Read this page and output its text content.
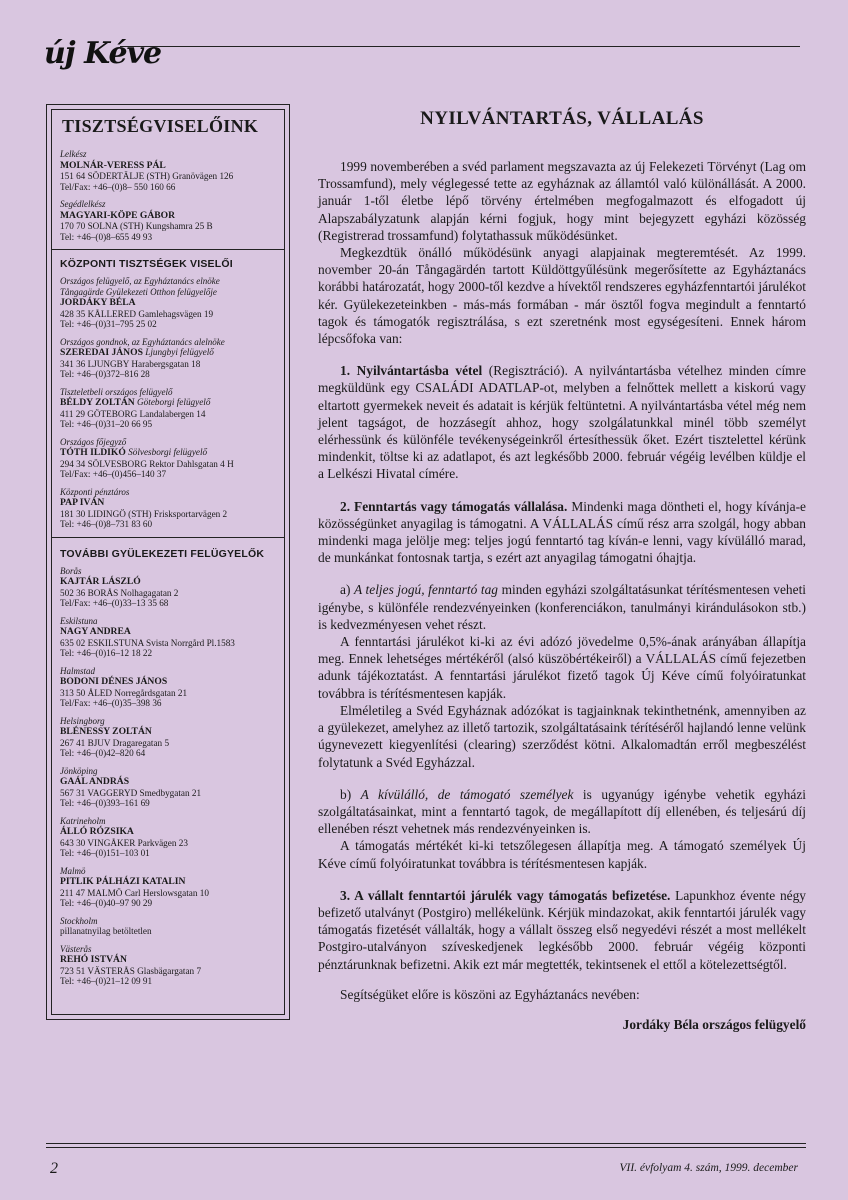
új Kéve
TISZTSÉGVISELŐINK
Lelkész
MOLNÁR-VERESS PÁL
151 64 SÖDERTÄLJE (STH) Granövägen 126
Tel/Fax: +46–(0)8– 550 160 66
Segédlelkész
MAGYARI-KÖPE GÁBOR
170 70 SOLNA (STH) Kungshamra 25 B
Tel: +46–(0)8–655 49 93
KÖZPONTI TISZTSÉGEK VISELŐI
Országos felügyelő, az Egyháztanács elnöke
Tångagärde Gyülekezeti Otthon felügyelője
JORDÁKY BÉLA
428 35 KÅLLERED Gamlehagsvägen 19
Tel: +46–(0)31–795 25 02
Országos gondnok, az Egyháztanács alelnöke
SZEREDAI JÁNOS Ljungbyi felügyelő
341 36 LJUNGBY Harabergsgatan 18
Tel: +46–(0)372–816 28
Tiszteletbeli országos felügyelő
BÉLDY ZOLTÁN Göteborgi felügyelő
411 29 GÖTEBORG Landalabergen 14
Tel: +46–(0)31–20 66 95
Országos főjegyző
TÓTH ILDIKÓ Sölvesborgi felügyelő
294 34 SÖLVESBORG Rektor Dahlsgatan 4 H
Tel/Fax: +46–(0)456–140 37
Központi pénztáros
PAP IVÁN
181 30 LIDINGÖ (STH) Frisksportarvägen 2
Tel: +46–(0)8–731 83 60
TOVÁBBI GYÜLEKEZETI FELÜGYELŐK
Borås
KAJTÁR LÁSZLÓ
502 36 BORÅS Nolhagagatan 2
Tel/Fax: +46–(0)33–13 35 68
Eskilstuna
NAGY ANDREA
635 02 ESKILSTUNA Svista Norrgård Pl.1583
Tel: +46–(0)16–12 18 22
Halmstad
BODONI DÉNES JÁNOS
313 50 ÅLED Norregårdsgatan 21
Tel/Fax: +46–(0)35–398 36
Helsingborg
BLÉNESSY ZOLTÁN
267 41 BJUV Dragaregatan 5
Tel: +46–(0)42–820 64
Jönköping
GAÁL ANDRÁS
567 31 VAGGERYD Smedbygatan 21
Tel: +46–(0)393–161 69
Katrineholm
ÁLLÓ RÓZSIKA
643 30 VINGÅKER Parkvägen 23
Tel: +46–(0)151–103 01
Malmö
PITLIK PÁLHÁZI KATALIN
211 47 MALMÖ Carl Herslowsgatan 10
Tel: +46–(0)40–97 90 29
Stockholm
pillanatnyilag betöltetlen
Västerås
REHÓ ISTVÁN
723 51 VÄSTERÅS Glasbägargatan 7
Tel: +46–(0)21–12 09 91
NYILVÁNTARTÁS, VÁLLALÁS

1999 novemberében a svéd parlament megszavazta az új Felekezeti Törvényt (Lag om Trossamfund), mely véglegessé tette az egyháznak az államtól való különállását. A 2000. január 1-től életbe lépő törvény értelmében megfogalmazott és elfogadott új Alapszabályzatunk alapján kérni fogjuk, hogy mint bejegyzett egyházi közösség (Registrerad trossamfund) folytathassuk működésünket.

Megkezdtük önálló működésünk anyagi alapjainak megteremtését. Az 1999. november 20-án Tångagärdén tartott Küldöttgyűlésünk megerősítette az Egyháztanács korábbi határozatát, hogy 2000-től kezdve a hívektől rendszeres egyházfenntartói járulékot kér. Gyülekezeteinkben - más-más formában - már ösztől fogva megindult a fenntartó tagok és támogatók regisztrálása, s ezt szeretnénk most egységesíteni. Ennek három lépcsőfoka van:

1. Nyilvántartásba vétel (Regisztráció). A nyilvántartásba vételhez minden címre megküldünk egy CSALÁDI ADATLAP-ot, melyben a felnőttek mellett a kiskorú vagy eltartott gyermekek neveit és adatait is kérjük feltüntetni. A nyilvántartásba vétel még nem jelent tagságot, de hozzásegít ahhoz, hogy szolgálatunkkal minél több személyt elérhessünk és különféle tevékenységeinkről értesíthessük őket. Ezért tisztelettel kérünk mindenkit, töltse ki az adatlapot, és azt legkésőbb 2000. február végéig levélben küldje el a Lelkészi Hivatal címére.

2. Fenntartás vagy támogatás vállalása. Mindenki maga döntheti el, hogy kívánja-e közösségünket anyagilag is támogatni. A VÁLLALÁS című rész arra szolgál, hogy abban mindenki maga jelölje meg: teljes jogú fenntartó tag kíván-e lenni, vagy kívülálló marad, de munkánkat fontosnak tartja, s ezért azt anyagilag támogatni óhajtja.

a) A teljes jogú, fenntartó tag minden egyházi szolgáltatásunkat térítésmentesen veheti igénybe, s különféle rendezvényeinken (konferenciákon, tanulmányi kirándulásokon stb.) is kedvezményesen vehet részt.

A fenntartási járulékot ki-ki az évi adózó jövedelme 0,5%-ának arányában állapítja meg. Ennek lehetséges mértékéről (alsó küszöbértékeiről) a VÁLLALÁS című fejezetben adunk tájékoztatást. A fenntartási járulékot fizető tagok Új Kéve című folyóiratunkat továbbra is térítésmentesen kapják.

Elméletileg a Svéd Egyháznak adózókat is tagjainknak tekinthetnénk, amennyiben az a gyülekezet, amelyhez az illető tartozik, szolgáltatásaink térítéséről hajlandó lenne velünk úgynevezett kiegyenlítési (clearing) szerződést kötni. Alkalomadtán erről megbeszélést folytatunk a Svéd Egyházzal.

b) A kívülálló, de támogató személyek is ugyanúgy igénybe vehetik egyházi szolgáltatásainkat, mint a fenntartó tagok, de megállapított díj ellenében, és teljesárú díj ellenében részt vehetnek más rendezvényeinken is.

A támogatás mértékét ki-ki tetszőlegesen állapítja meg. A támogató személyek Új Kéve című folyóiratunkat továbbra is térítésmentesen kapják.

3. A vállalt fenntartói járulék vagy támogatás befizetése. Lapunkhoz évente négy befizető utalványt (Postgiro) mellékelünk. Kérjük mindazokat, akik fenntartói járulék vagy támogatás fizetését vállalták, hogy a vállalt összeg első negyedévi részét a most mellékelt Postgiro-utalványon szíveskedjenek legkésőbb 2000. február végéig központi pénztárunknak befizetni. Akik ezt már megtették, tekintsenek el ettől a kötelezettségtől.

Segítségüket előre is köszöni az Egyháztanács nevében:
Jordáky Béla országos felügyelő
2	VII. évfolyam 4. szám, 1999. december
